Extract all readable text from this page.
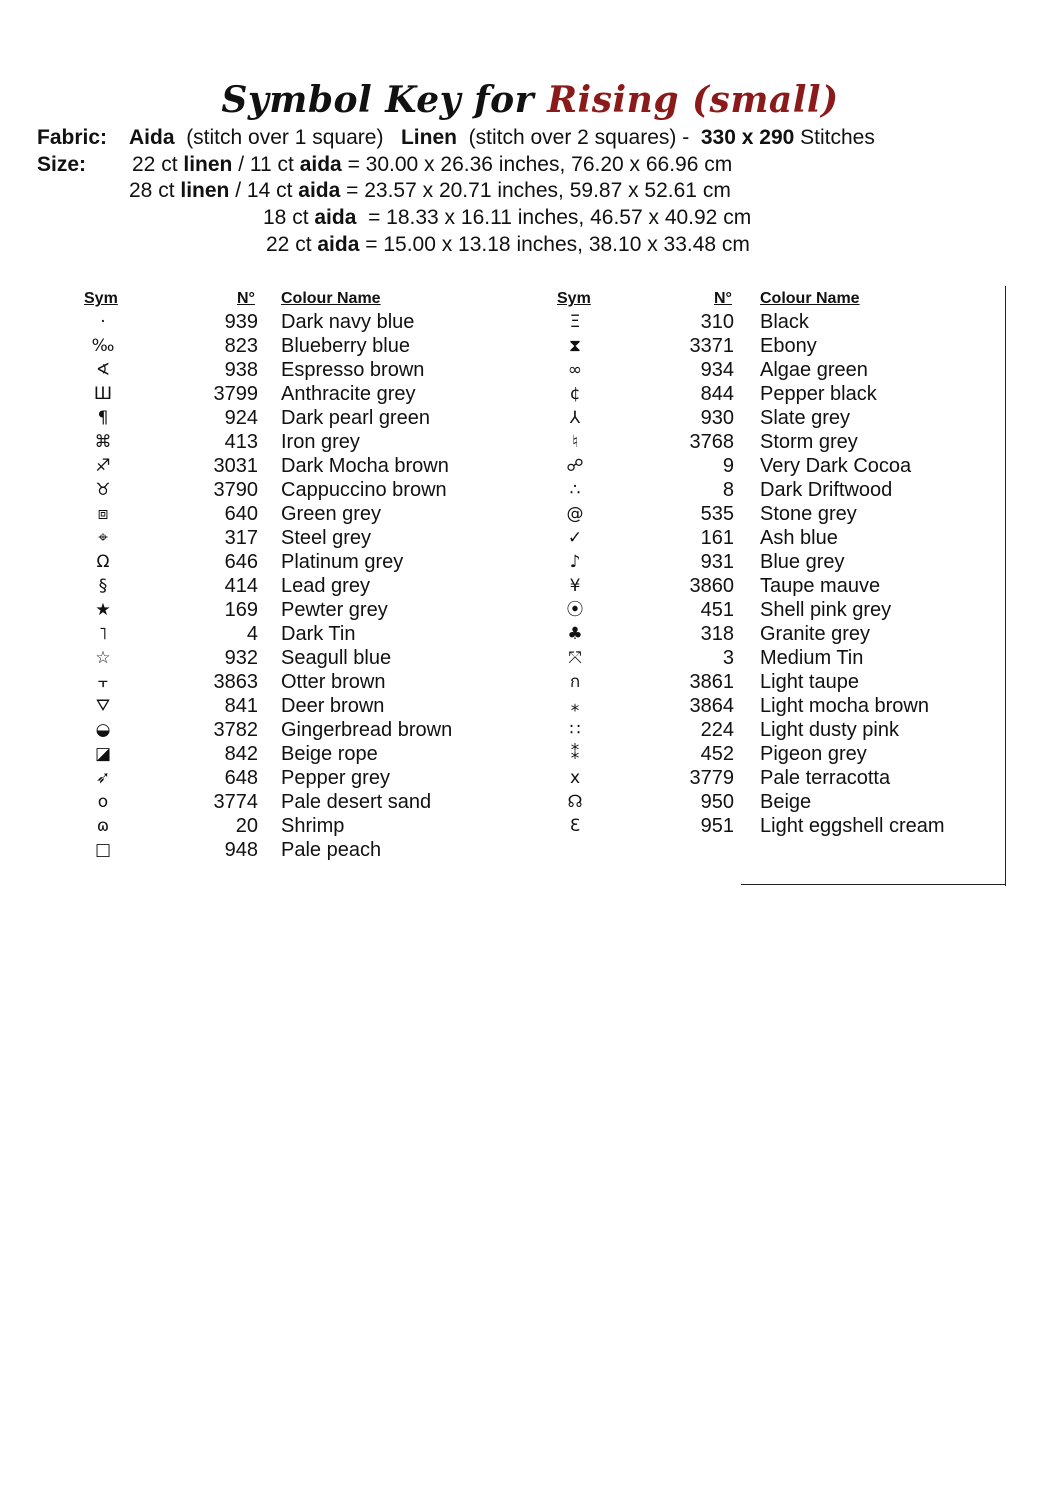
Symbol Key for Rising (small)
Fabric: Aida (stitch over 1 square) Linen (stitch over 2 squares) - 330 x 290 Stitches
Size: 22 ct linen / 11 ct aida = 30.00 x 26.36 inches, 76.20 x 66.96 cm
28 ct linen / 14 ct aida = 23.57 x 20.71 inches, 59.87 x 52.61 cm
18 ct aida  = 18.33 x 16.11 inches, 46.57 x 40.92 cm
22 ct aida = 15.00 x 13.18 inches, 38.10 x 33.48 cm
Sym	N° Colour Name	Sym	N° Colour Name
·	939 Dark navy blue
‰	823 Blueberry blue
∢	938 Espresso brown
Ш	3799 Anthracite grey
¶	924 Dark pearl green
⌘	413 Iron grey
♐	3031 Dark Mocha brown
♉	3790 Cappuccino brown
⧈	640 Green grey
⌖	317 Steel grey
Ω	646 Platinum grey
§	414 Lead grey
★	169 Pewter grey
˥	4 Dark Tin
☆	932 Seagull blue
⫟	3863 Otter brown
⛛	841 Deer brown
◒	3782 Gingerbread brown
◪	842 Beige rope
➶	648 Pepper grey
o	3774 Pale desert sand
ɷ	20 Shrimp
□	948 Pale peach
Ξ	310 Black
⧗	3371 Ebony
∞	934 Algae green
¢	844 Pepper black
⅄	930 Slate grey
♮	3768 Storm grey
☍	9 Very Dark Cocoa
∴	8 Dark Driftwood
@	535 Stone grey
✓	161 Ash blue
♪	931 Blue grey
¥	3860 Taupe mauve
⦿	451 Shell pink grey
♣	318 Granite grey
⤧	3 Medium Tin
ก	3861 Light taupe
⁎	3864 Light mocha brown
∷	224 Light dusty pink
⁑	452 Pigeon grey
x	3779 Pale terracotta
☊	950 Beige
Ɛ	951 Light eggshell cream
